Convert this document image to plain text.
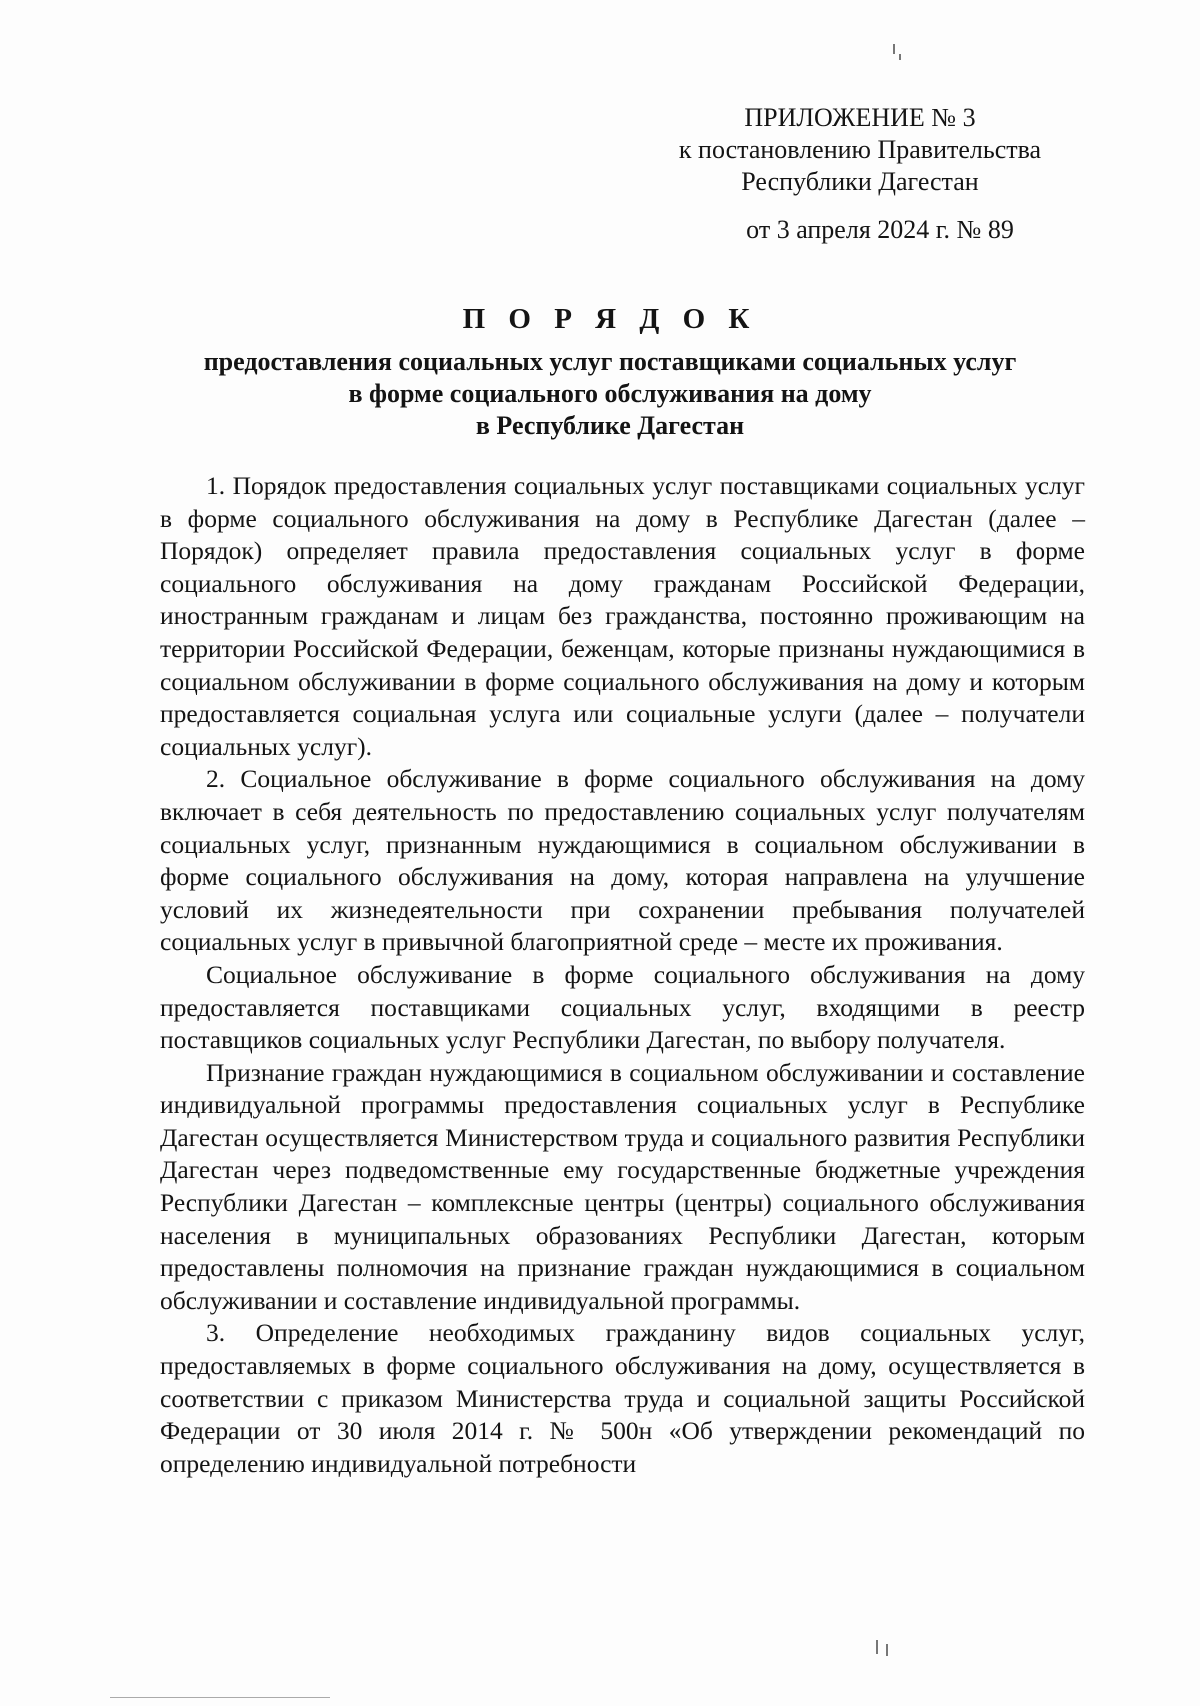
ПРИЛОЖЕНИЕ № 3
к постановлению Правительства
Республики Дагестан
от 3 апреля 2024 г. № 89
П О Р Я Д О К
предоставления социальных услуг поставщиками социальных услуг
в форме социального обслуживания на дому
в Республике Дагестан

1. Порядок предоставления социальных услуг поставщиками социальных услуг в форме социального обслуживания на дому в Республике Дагестан (далее – Порядок) определяет правила предоставления социальных услуг в форме социального обслуживания на дому гражданам Российской Федерации, иностранным гражданам и лицам без гражданства, постоянно проживающим на территории Российской Федерации, беженцам, которые признаны нуждающимися в социальном обслуживании в форме социального обслуживания на дому и которым предоставляется социальная услуга или социальные услуги (далее – получатели социальных услуг).

2. Социальное обслуживание в форме социального обслуживания на дому включает в себя деятельность по предоставлению социальных услуг получателям социальных услуг, признанным нуждающимися в социальном обслуживании в форме социального обслуживания на дому, которая направлена на улучшение условий их жизнедеятельности при сохранении пребывания получателей социальных услуг в привычной благоприятной среде – месте их проживания.

Социальное обслуживание в форме социального обслуживания на дому предоставляется поставщиками социальных услуг, входящими в реестр поставщиков социальных услуг Республики Дагестан, по выбору получателя.

Признание граждан нуждающимися в социальном обслуживании и составление индивидуальной программы предоставления социальных услуг в Республике Дагестан осуществляется Министерством труда и социального развития Республики Дагестан через подведомственные ему государственные бюджетные учреждения Республики Дагестан – комплексные центры (центры) социального обслуживания населения в муниципальных образованиях Республики Дагестан, которым предоставлены полномочия на признание граждан нуждающимися в социальном обслуживании и составление индивидуальной программы.

3. Определение необходимых гражданину видов социальных услуг, предоставляемых в форме социального обслуживания на дому, осуществляется в соответствии с приказом Министерства труда и социальной защиты Российской Федерации от 30 июля 2014 г. № 500н «Об утверждении рекомендаций по определению индивидуальной потребности
